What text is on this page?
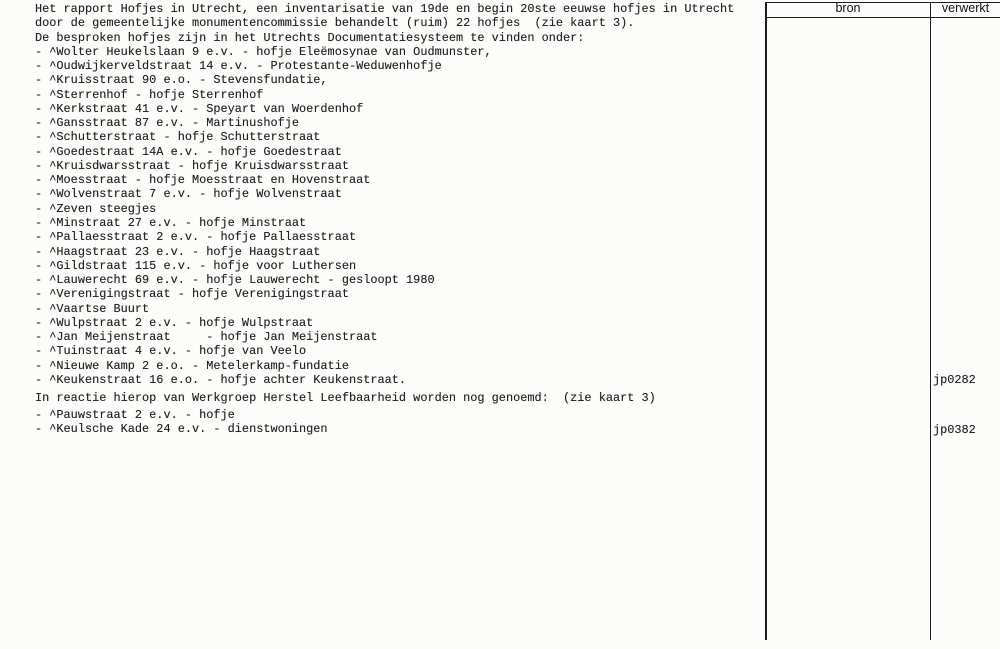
Het rapport Hofjes in Utrecht, een inventarisatie van 19de en begin 20ste eeuwse hofjes in Utrecht
door de gemeentelijke monumentencommissie behandelt (ruim) 22 hofjes  (zie kaart 3).
De besproken hofjes zijn in het Utrechts Documentatiesysteem te vinden onder:
- ^Wolter Heukelslaan 9 e.v. - hofje Eleëmosynae van Oudmunster,
- ^Oudwijkerveldstraat 14 e.v. - Protestante-Weduwenhofje
- ^Kruisstraat 90 e.o. - Stevensfundatie,
- ^Sterrenhof - hofje Sterrenhof
- ^Kerkstraat 41 e.v. - Speyart van Woerdenhof
- ^Gansstraat 87 e.v. - Martinushofje
- ^Schutterstraat - hofje Schutterstraat
- ^Goedestraat 14A e.v. - hofje Goedestraat
- ^Kruisdwarsstraat - hofje Kruisdwarsstraat
- ^Moesstraat - hofje Moesstraat en Hovenstraat
- ^Wolvenstraat 7 e.v. - hofje Wolvenstraat
- ^Zeven steegjes
- ^Minstraat 27 e.v. - hofje Minstraat
- ^Pallaesstraat 2 e.v. - hofje Pallaesstraat
- ^Haagstraat 23 e.v. - hofje Haagstraat
- ^Gildstraat 115 e.v. - hofje voor Luthersen
- ^Lauwerecht 69 e.v. - hofje Lauwerecht - gesloopt 1980
- ^Verenigingstraat - hofje Verenigingstraat
- ^Vaartse Buurt
- ^Wulpstraat 2 e.v. - hofje Wulpstraat
- ^Jan Meijenstraat     - hofje Jan Meijenstraat
- ^Tuinstraat 4 e.v. - hofje van Veelo
- ^Nieuwe Kamp 2 e.o. - Metelerkamp-fundatie
- ^Keukenstraat 16 e.o. - hofje achter Keukenstraat.
In reactie hierop van Werkgroep Herstel Leefbaarheid worden nog genoemd:  (zie kaart 3)
- ^Pauwstraat 2 e.v. - hofje
- ^Keulsche Kade 24 e.v. - dienstwoningen
bron	verwerkt
jp0282
jp0382
